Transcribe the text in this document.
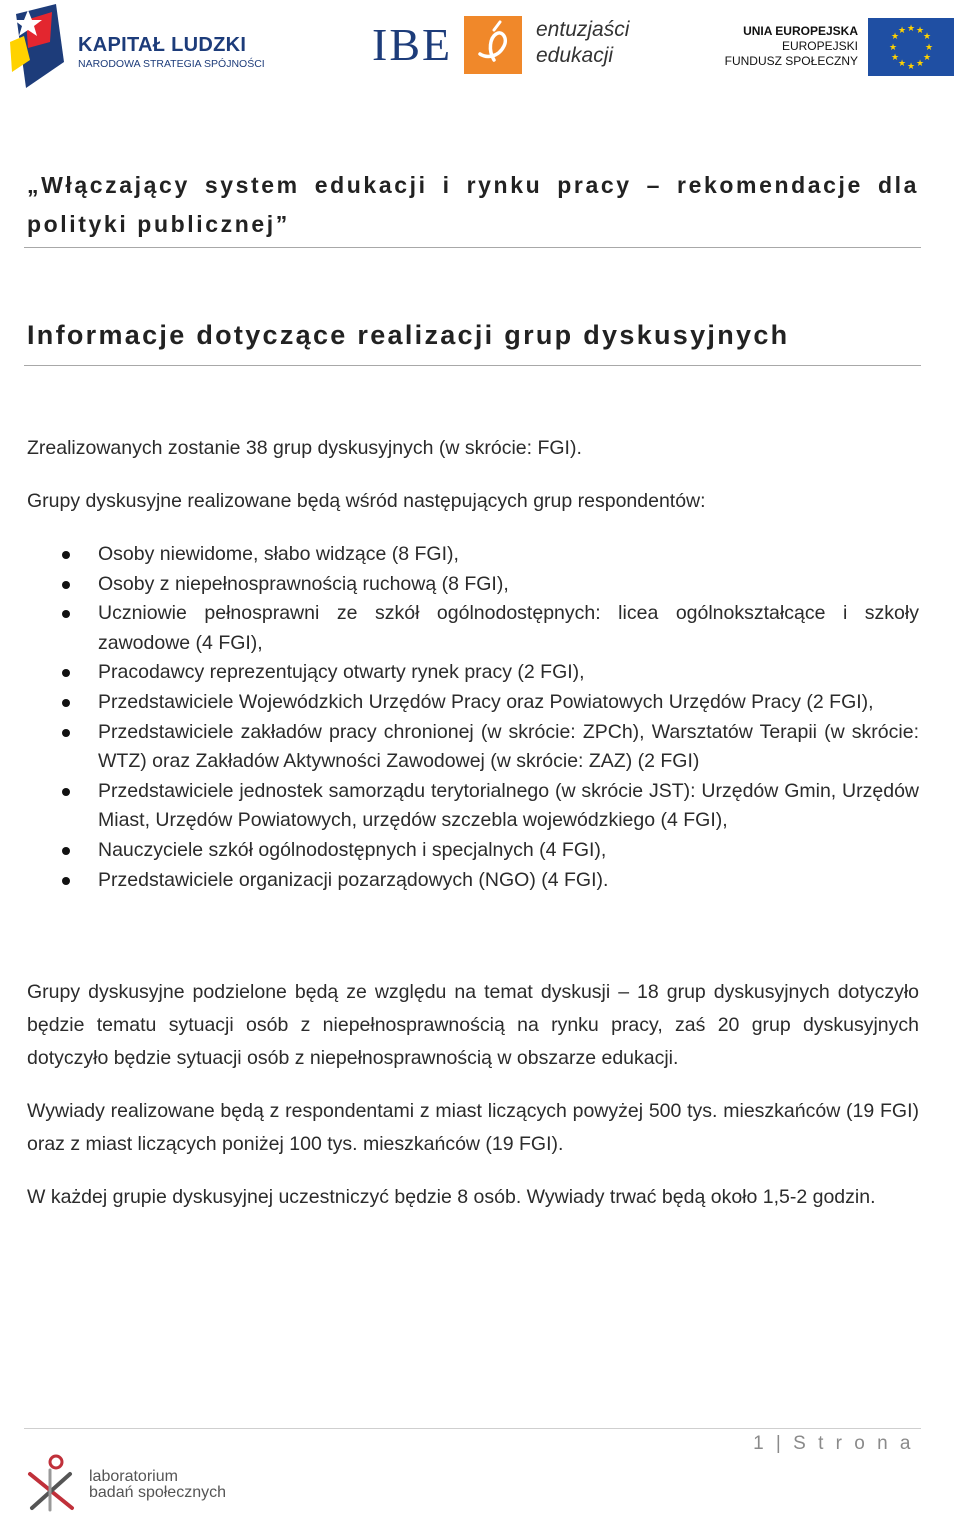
KAPITAŁ LUDZKI
NARODOWA STRATEGIA SPÓJNOŚCI IBE	entuzjaści
edukacji
UNIA EUROPEJSKA
EUROPEJSKI
FUNDUSZ SPOŁECZNY
★ ★
★
★
★
★
★
★
★
★
★
★
„Włączający system edukacji i rynku pracy – rekomendacje dla polityki publicznej”
Informacje dotyczące realizacji grup dyskusyjnych

Zrealizowanych zostanie 38 grup dyskusyjnych (w skrócie: FGI).

Grupy dyskusyjne realizowane będą wśród następujących grup respondentów:

Osoby niewidome, słabo widzące (8 FGI),
Osoby z niepełnosprawnością ruchową (8 FGI),
Uczniowie pełnosprawni ze szkół ogólnodostępnych: licea ogólnokształcące i szkoły zawodowe (4 FGI),
Pracodawcy reprezentujący otwarty rynek pracy (2 FGI),
Przedstawiciele Wojewódzkich Urzędów Pracy oraz Powiatowych Urzędów Pracy (2 FGI),
Przedstawiciele zakładów pracy chronionej (w skrócie: ZPCh), Warsztatów Terapii (w skrócie: WTZ) oraz Zakładów Aktywności Zawodowej (w skrócie: ZAZ) (2 FGI)
Przedstawiciele jednostek samorządu terytorialnego (w skrócie JST): Urzędów Gmin, Urzędów Miast, Urzędów Powiatowych, urzędów szczebla wojewódzkiego (4 FGI),
Nauczyciele szkół ogólnodostępnych i specjalnych (4 FGI),
Przedstawiciele organizacji pozarządowych (NGO) (4 FGI).

Grupy dyskusyjne podzielone będą ze względu na temat dyskusji – 18 grup dyskusyjnych dotyczyło będzie tematu sytuacji osób z niepełnosprawnością na rynku pracy, zaś 20 grup dyskusyjnych dotyczyło będzie sytuacji osób z niepełnosprawnością w obszarze edukacji.

Wywiady realizowane będą z respondentami z miast liczących powyżej 500 tys. mieszkańców (19 FGI) oraz z miast liczących poniżej 100 tys. mieszkańców (19 FGI).

W każdej grupie dyskusyjnej uczestniczyć będzie 8 osób. Wywiady trwać będą około 1,5-2 godzin.

1 | S t r o n a
laboratorium
badań społecznych
